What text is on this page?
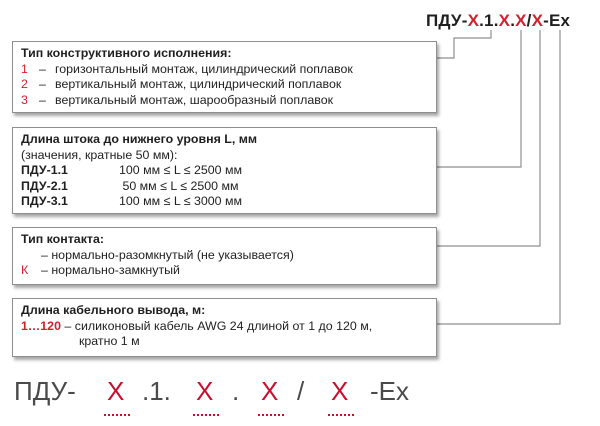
ПДУ-Х.1.Х.Х/Х-Ex
Тип конструктивного исполнения:
1 – горизонтальный монтаж, цилиндрический поплавок
2 – вертикальный монтаж, цилиндрический поплавок
3 – вертикальный монтаж, шарообразный поплавок
Длина штока до нижнего уровня L, мм
(значения, кратные 50 мм):
ПДУ-1.1	100 мм ≤ L ≤ 2500 мм
ПДУ-2.1	50 мм ≤ L ≤ 2500 мм
ПДУ-3.1	100 мм ≤ L ≤ 3000 мм
Тип контакта:
– нормально-разомкнутый (не указывается)
К – нормально-замкнутый
Длина кабельного вывода, м:
1…120 – силиконовый кабель AWG 24 длиной от 1 до 120 м,
кратно 1 м
ПДУ- Х .1. Х . Х / Х -Ex
